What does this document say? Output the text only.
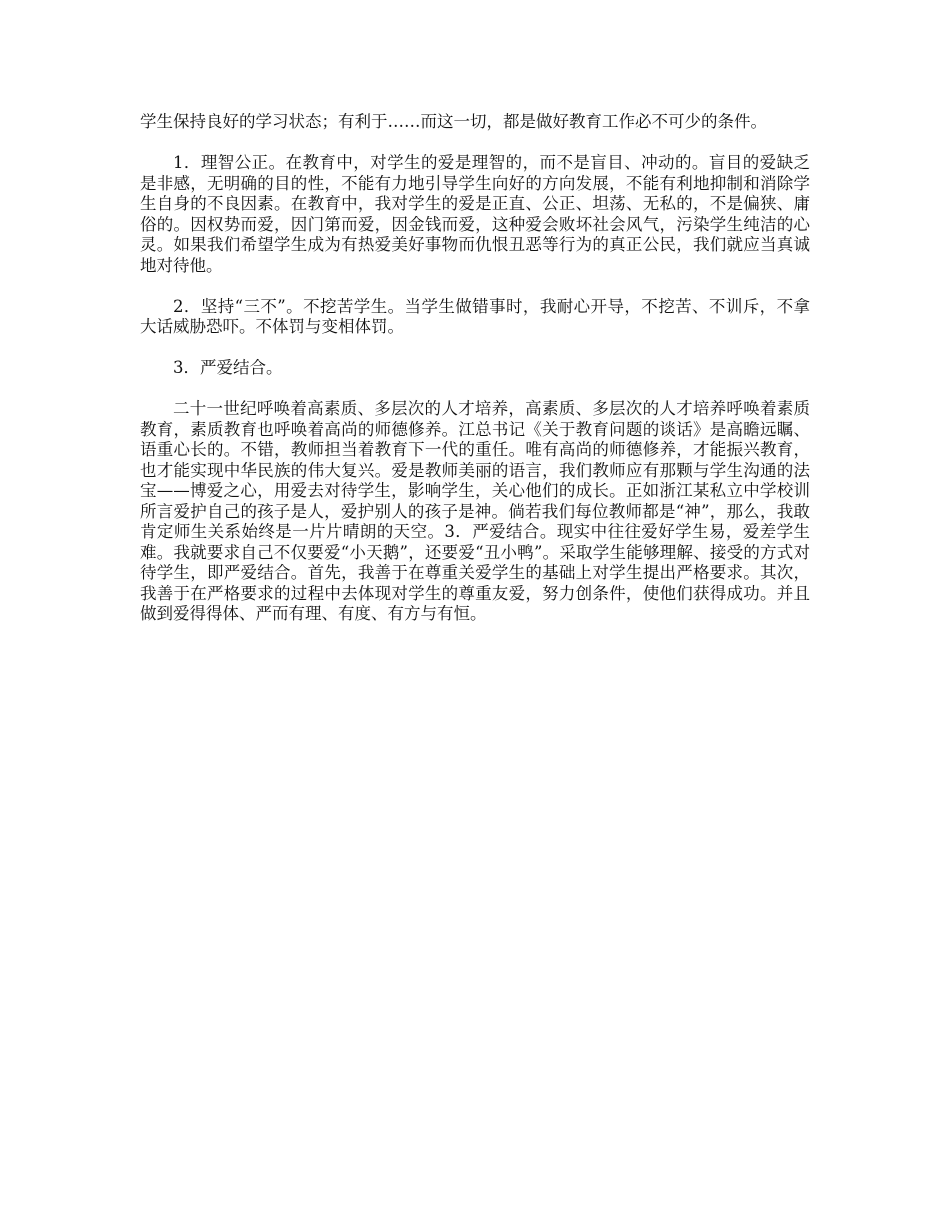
学生保持良好的学习状态；有利于……而这一切，都是做好教育工作必不可少的条件。

1．理智公正。在教育中，对学生的爱是理智的，而不是盲目、冲动的。盲目的爱缺乏是非感，无明确的目的性，不能有力地引导学生向好的方向发展，不能有利地抑制和消除学生自身的不良因素。在教育中，我对学生的爱是正直、公正、坦荡、无私的，不是偏狭、庸俗的。因权势而爱，因门第而爱，因金钱而爱，这种爱会败坏社会风气，污染学生纯洁的心灵。如果我们希望学生成为有热爱美好事物而仇恨丑恶等行为的真正公民，我们就应当真诚地对待他。

2．坚持“三不”。不挖苦学生。当学生做错事时，我耐心开导，不挖苦、不训斥，不拿大话威胁恐吓。不体罚与变相体罚。

3．严爱结合。

二十一世纪呼唤着高素质、多层次的人才培养，高素质、多层次的人才培养呼唤着素质教育，素质教育也呼唤着高尚的师德修养。江总书记《关于教育问题的谈话》是高瞻远瞩、语重心长的。不错，教师担当着教育下一代的重任。唯有高尚的师德修养，才能振兴教育，也才能实现中华民族的伟大复兴。爱是教师美丽的语言，我们教师应有那颗与学生沟通的法宝——博爱之心，用爱去对待学生，影响学生，关心他们的成长。正如浙江某私立中学校训所言爱护自己的孩子是人，爱护别人的孩子是神。倘若我们每位教师都是“神”，那么，我敢肯定师生关系始终是一片片晴朗的天空。3．严爱结合。现实中往往爱好学生易，爱差学生难。我就要求自己不仅要爱“小天鹅”，还要爱“丑小鸭”。采取学生能够理解、接受的方式对待学生，即严爱结合。首先，我善于在尊重关爱学生的基础上对学生提出严格要求。其次，我善于在严格要求的过程中去体现对学生的尊重友爱，努力创条件，使他们获得成功。并且做到爱得得体、严而有理、有度、有方与有恒。
